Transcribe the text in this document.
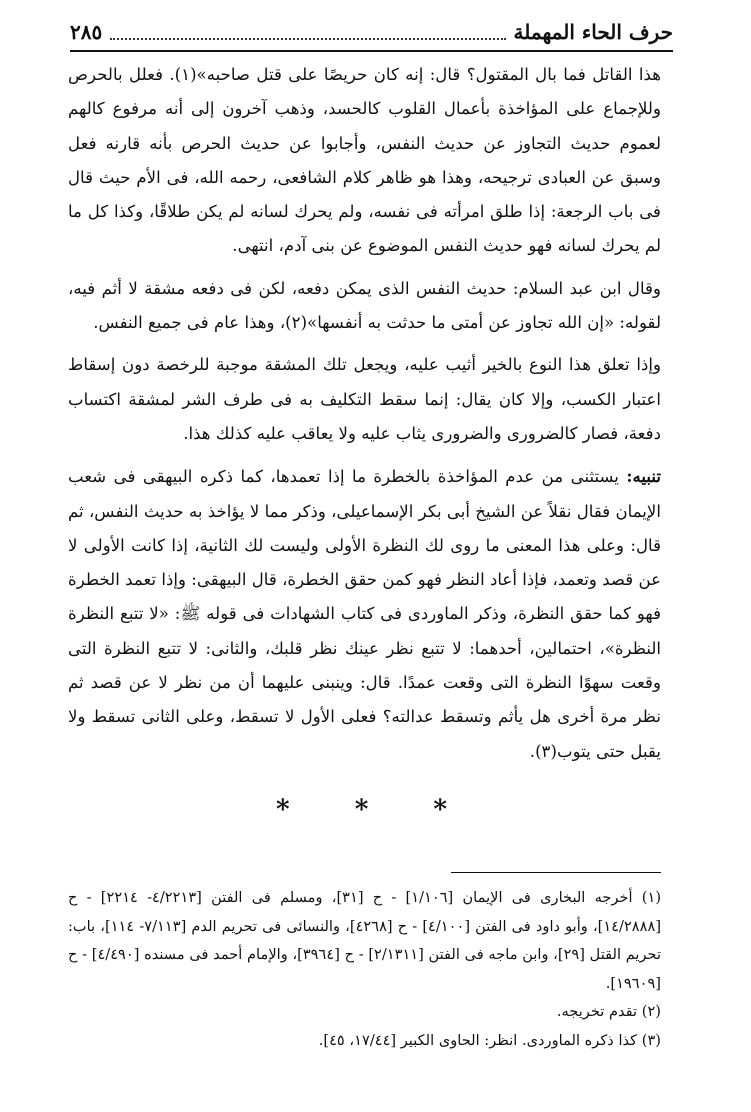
حرف الحاء المهملة
٢٨٥

هذا القاتل فما بال المقتول؟ قال: إنه كان حريصًا على قتل صاحبه»(١). فعلل بالحرص وللإجماع على المؤاخذة بأعمال القلوب كالحسد، وذهب آخرون إلى أنه مرفوع كالهم لعموم حديث التجاوز عن حديث النفس، وأجابوا عن حديث الحرص بأنه قارنه فعل وسبق عن العبادى ترجيحه، وهذا هو ظاهر كلام الشافعى، رحمه الله، فى الأم حيث قال فى باب الرجعة: إذا طلق امرأته فى نفسه، ولم يحرك لسانه لم يكن طلاقًا، وكذا كل ما لم يحرك لسانه فهو حديث النفس الموضوع عن بنى آدم، انتهى.

وقال ابن عبد السلام: حديث النفس الذى يمكن دفعه، لكن فى دفعه مشقة لا أثم فيه، لقوله: «إن الله تجاوز عن أمتى ما حدثت به أنفسها»(٢)، وهذا عام فى جميع النفس.

وإذا تعلق هذا النوع بالخير أثيب عليه، ويجعل تلك المشقة موجبة للرخصة دون إسقاط اعتبار الكسب، وإلا كان يقال: إنما سقط التكليف به فى طرف الشر لمشقة اكتساب دفعة، فصار كالضرورى والضرورى يثاب عليه ولا يعاقب عليه كذلك هذا.

تنبيه: يستثنى من عدم المؤاخذة بالخطرة ما إذا تعمدها، كما ذكره البيهقى فى شعب الإيمان فقال نقلاً عن الشيخ أبى بكر الإسماعيلى، وذكر مما لا يؤاخذ به حديث النفس، ثم قال: وعلى هذا المعنى ما روى لك النظرة الأولى وليست لك الثانية، إذا كانت الأولى لا عن قصد وتعمد، فإذا أعاد النظر فهو كمن حقق الخطرة، قال البيهقى: وإذا تعمد الخطرة فهو كما حقق النظرة، وذكر الماوردى فى كتاب الشهادات فى قوله ﷺ: «لا تتبع النظرة النظرة»، احتمالين، أحدهما: لا تتبع نظر عينك نظر قلبك، والثانى: لا تتبع النظرة التى وقعت سهوًا النظرة التى وقعت عمدًا. قال: وينبنى عليهما أن من نظر لا عن قصد ثم نظر مرة أخرى هل يأثم وتسقط عدالته؟ فعلى الأول لا تسقط، وعلى الثانى تسقط ولا يقبل حتى يتوب(٣).

* * *

(١) أخرجه البخارى فى الإيمان [١/١٠٦] - ح [٣١]، ومسلم فى الفتن [٤/٢٢١٣- ٢٢١٤] - ح [١٤/٢٨٨٨]، وأبو داود فى الفتن [٤/١٠٠] - ح [٤٢٦٨]، والنسائى فى تحريم الدم [٧/١١٣- ١١٤]، باب: تحريم القتل [٢٩]، وابن ماجه فى الفتن [٢/١٣١١] - ح [٣٩٦٤]، والإمام أحمد فى مسنده [٤/٤٩٠] - ح [١٩٦٠٩].

(٢) تقدم تخريجه.

(٣) كذا ذكره الماوردى. انظر: الحاوى الكبير [١٧/٤٤، ٤٥].
